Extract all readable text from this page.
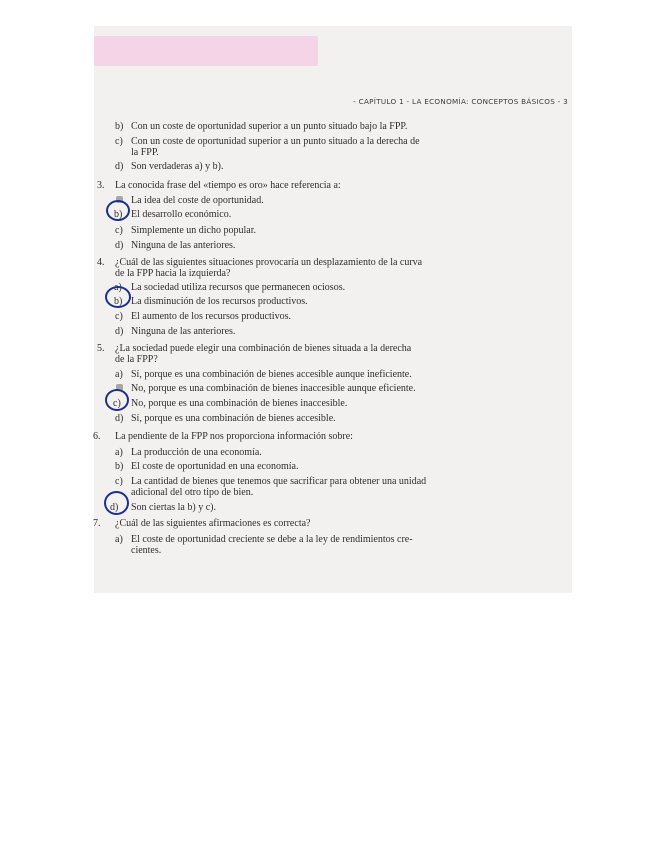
- CAPÍTULO 1 - LA ECONOMÍA: CONCEPTOS BÁSICOS - 3
b) Con un coste de oportunidad superior a un punto situado bajo la FPP.
c) Con un coste de oportunidad superior a un punto situado a la derecha de
la FPP.
d) Son verdaderas a) y b).
3. La conocida frase del «tiempo es oro» hace referencia a:
La idea del coste de oportunidad.
b) El desarrollo económico.
c) Simplemente un dicho popular.
d) Ninguna de las anteriores.
4. ¿Cuál de las siguientes situaciones provocaría un desplazamiento de la curva
de la FPP hacia la izquierda?
a) La sociedad utiliza recursos que permanecen ociosos.
b) La disminución de los recursos productivos.
c) El aumento de los recursos productivos.
d) Ninguna de las anteriores.
5. ¿La sociedad puede elegir una combinación de bienes situada a la derecha
de la FPP?
a) Sí, porque es una combinación de bienes accesible aunque ineficiente.
No, porque es una combinación de bienes inaccesible aunque eficiente.
c) No, porque es una combinación de bienes inaccesible.
d) Sí, porque es una combinación de bienes accesible.
6. La pendiente de la FPP nos proporciona información sobre:
a) La producción de una economía.
b) El coste de oportunidad en una economía.
c) La cantidad de bienes que tenemos que sacrificar para obtener una unidad
adicional del otro tipo de bien.
d) Son ciertas la b) y c).
7. ¿Cuál de las siguientes afirmaciones es correcta?
a) El coste de oportunidad creciente se debe a la ley de rendimientos cre-
cientes.
